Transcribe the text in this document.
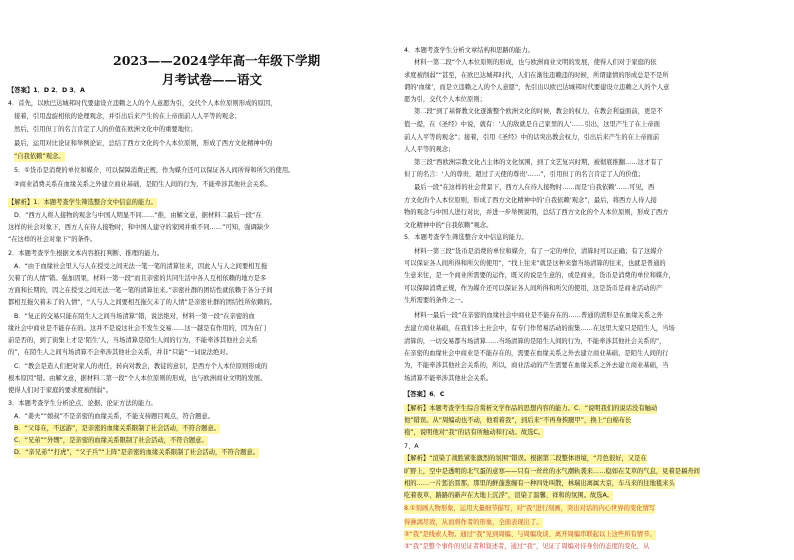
2023——2024学年高一年级下学期
月考试卷——语文
【答案】1．D 2．D 3．A
4．首先，以欧巴达城邦时代要建设立违赖之人的个人意愿为引，交代个人本位原则形成的原因，
接着，引用盘旋相依的论理观念，并引出后来产生的在上帝面前人人平等的观念；
然后，引用但丁的名言肯定了人的价值在欧洲文化中的重要地位；
最后，运用对比论证和举例论证，总结了西方文化的个人本位原则，形成了西方文化精神中的
“自我依赖”观念。
5．①货币是消费的单位和媒介，可以保障消费正规，作为媒介还可以保证各人间所得和所欠的使用。
②商业消费关系在血缘关系之外建立商业基础，是陌生人间的行为，不能牵涉其他社会关系。
【解析】1．本题考查学生筛选整合文中信息的能力。
D．“西方人将人接物的观念与中国人明显不同……”推，由解文意，据材料二最后一段“在
这样的社会对象下，西方人在待人接物时，和中国人建守的家园并重不同……”可知，强调缺少
“在这样的社会对象下”的条件。
2．本题考查学生根据文本内容推打判断、推理的能力。
A．“由于血缘社会里人与人在授受之间无法一笔一笔的清算往来，因此人与人之间要相互拖
欠着了的人情”错。强加因果，材料一第一段“而且亲密的共同生活中各人互相依赖的地方是多
方面和长期的，因之在授受之间无法一笔一笔的清算往来。”亲密社群的团结性就依赖于各分子间
都相互拖欠着未了的人情”，“人与人之间要相互拖欠未了的人情”是亲密社群的团结性所依赖的。
B．“复正的交易只能在陌生人之间当场清算”错，说法绝对，材料一第一段“在亲密的血
缘社会中商业是不能存在的。这并不是说这社会不发生交易……这一越是有作用的，因为在门
前是否的，到了街集上才是‘陌生’人，当场清算是陌生人间的行为，不能牵涉其他社会关系
的”，在陌生人之间当场清算不会牵涉其他社会关系，并非“只能”一词说法绝对。
C．“教会是造人们把对家人的责任，转向对教会，教徒的意识，是西方个人本位原则形成的
根本原因”错。由解文意，据材料二第一段“个人本位原则的形成，也与欧洲商业文明的发展。
使得人们对于家庭的要求度被削弱”。
3．本题考查学生分析论点、论据、论证方法的能力。
A．“姜夫”“娘叔”不是亲密的血缘关系，不能支持题目观点，符合题意。
B．“父母在，不远游”，是亲密的血缘关系限制了社会活动，不符合题意。
C．“兄弟”“外甥”，是亲密的血缘关系限制了社会活动，不符合题意。
D．“亲兄弟”“打虎”，“父子兵”“上阵”是亲密的血缘关系限制了社会活动，不符合题意。
4．本题考查学生分析文章结构和思路的能力。
材料一第二段“个人本位原则的形成，也与欧洲商业文明的发展，使得人们对于家庭的依
求度被削弱”“甚至，在欧巴达城邦时代，人们在渐往违赖违的时候，所谓建情的形成总是不是所
谓的‘血缘’，而是立违赖之人的个人意愿”，先引出以欧巴达城邦时代要建设立违赖之人的个人意
愿为引，交代个人本位原则；
第二段“到了基督教文化逐渐整个欧洲文化的时候，教会的权力，在教会利益面前，更是不
值一提，在《圣经》中说，就有：‘人的敌就是自己家里的人’……引出，这里产生了在上帝面
前人人平等的观念”；接着，引用《圣经》中的话突出教会权力，引出后来产生的在上帝面前
人人平等的观念；
第三段“西欧洲宗教文化占主体的文化氛围，到了文艺复兴时期，被彻底推翻……这才有了
但丁的名言：‘人的尊贵，超过了天使的尊贵’……”，引用但丁的名言肯定了人的价值；
最后一段“在这样的社会背景下，西方人在待人接物时……而是‘自我依赖’……可见，西
方文化的个人本位原则，形成了西方文化精神中的‘自我依赖’观念”，最后，将西方人待人接
物的观念与中国人进行对比，并进一步举例说明，总结了西方文化的个人本位原则，形成了西方
文化精神中的“自我依赖”观念。
5．本题考查学生筛选整合文中信息的能力。
材料一第三段“货币是消费的单位和媒介，有了一定的单位，清算时可以正确；有了这媒介
可以保证各人间所得和所欠的使用”，“找上往来”就是这种来靠当场清算的往来，也就是普通的
生意来往，是一个商业所需要的运作，既又的说是生意的，或是商业，货币是消费的单位和媒介，
可以保障消费正规，作为媒介还可以保证各人间所得和所欠的使用，这是货币是商业活动的产
生所需要的条件之一。
材料一最后一段“在亲密的血缘社会中商业是不能存在的……普通的清形是在血缘关系之外
去建立商业基础，在我们乡土社会中，有专门作贸易活动的街集……在这里大家只是陌生人，当场
清算的，一切交易都当场清算……当场清算的是陌生人间的行为，不能牵涉其他社会关系的”，
在亲密的血缘社会中商业是不能存在的，需要在血缘关系之外去建立商业基础，是陌生人间的行
为，不能牵涉其他社会关系的，所以，商业活动的产生需要在血缘关系之外去建立商业基础，当
场清算不能牵涉其他社会关系。
【答案】6．C
【解析】本题考查学生综合赏析文学作品的思想内容的能力。C．“说明我们的说话没有触动
他”错误。从“周编动也不动，他看着我”，到后来“不再身挨腿甲”，换上“白棉布长
袍”，说明他对“我”的话有所触动和行动。故选C。
7、A
【解析】“渲染了战胜紧张激烈的氛围”错误。根据第二段整体语境，“月色很好，又是在
旷野上，空中是透明的北气蛋的意寒——只有一丝丝的水气潮轨袭来……稳如在艾草的气息，見着是稿舟间
相的……一片惩治晋那，那里的鲜蓬葱缠有一种四处叫散，林瑞出离属大京，车马来的往地毯来头
吃着夜草，路路的新声在大地上沉浮”，渲染了温馨、祥和的氛围。故选A。
8.①刻画人物形象，运用大量细节描写，对“我”进行刻画，突出对话的内心世界的变化情写
得淋漓尽致，从而将作者的形象，全面表现出了。
②“我”是线索人物。通过“我”见到周编、与周编攻谈、离开周编串联起以上这些所有情节。
③“我”是整个事件的见证者和叙述者，通过“我”，见证了周编对待身份的态度的变化，从
